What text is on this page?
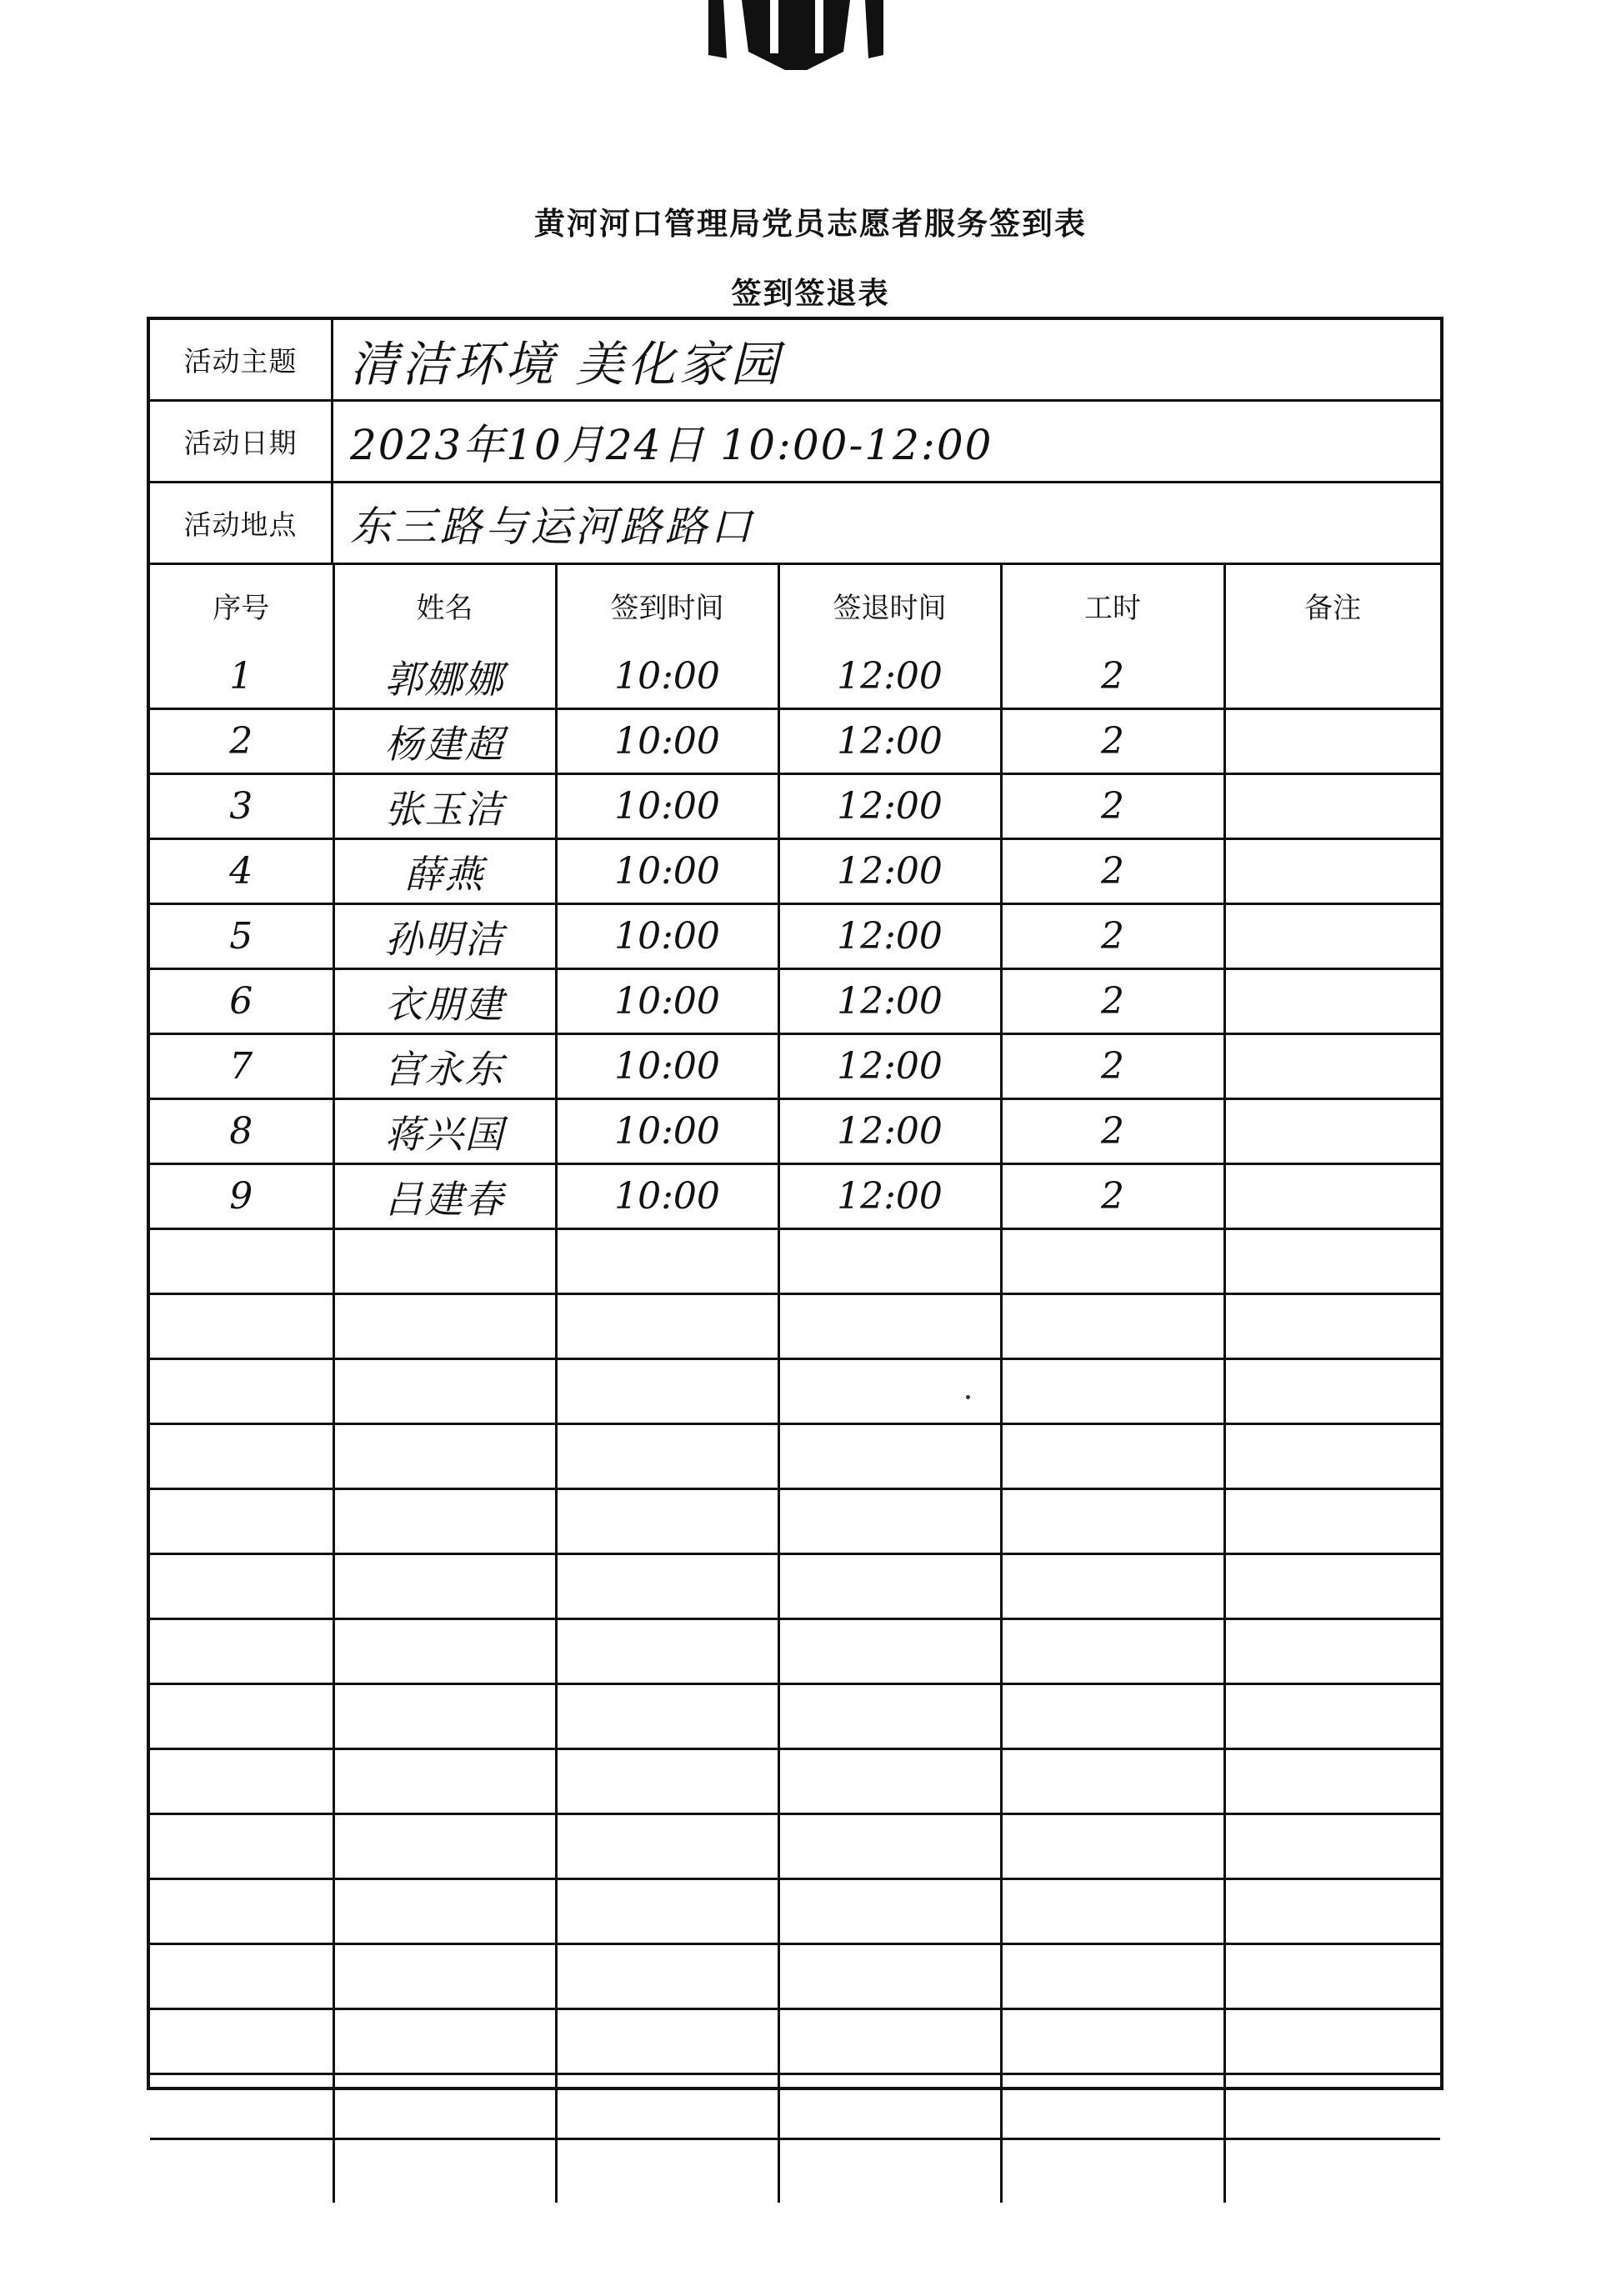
黄河河口管理局党员志愿者服务签到表
签到签退表
活动主题	清洁环境 美化家园
活动日期	2023年10月24日 10:00-12:00
活动地点	东三路与运河路路口
序号	姓名	签到时间	签退时间	工时	备注
1	郭娜娜	10:00	12:00	2	
2	杨建超	10:00	12:00	2	
3	张玉洁	10:00	12:00	2	
4	薛燕	10:00	12:00	2	
5	孙明洁	10:00	12:00	2	
6	衣朋建	10:00	12:00	2	
7	宫永东	10:00	12:00	2	
8	蒋兴国	10:00	12:00	2	
9	吕建春	10:00	12:00	2	
